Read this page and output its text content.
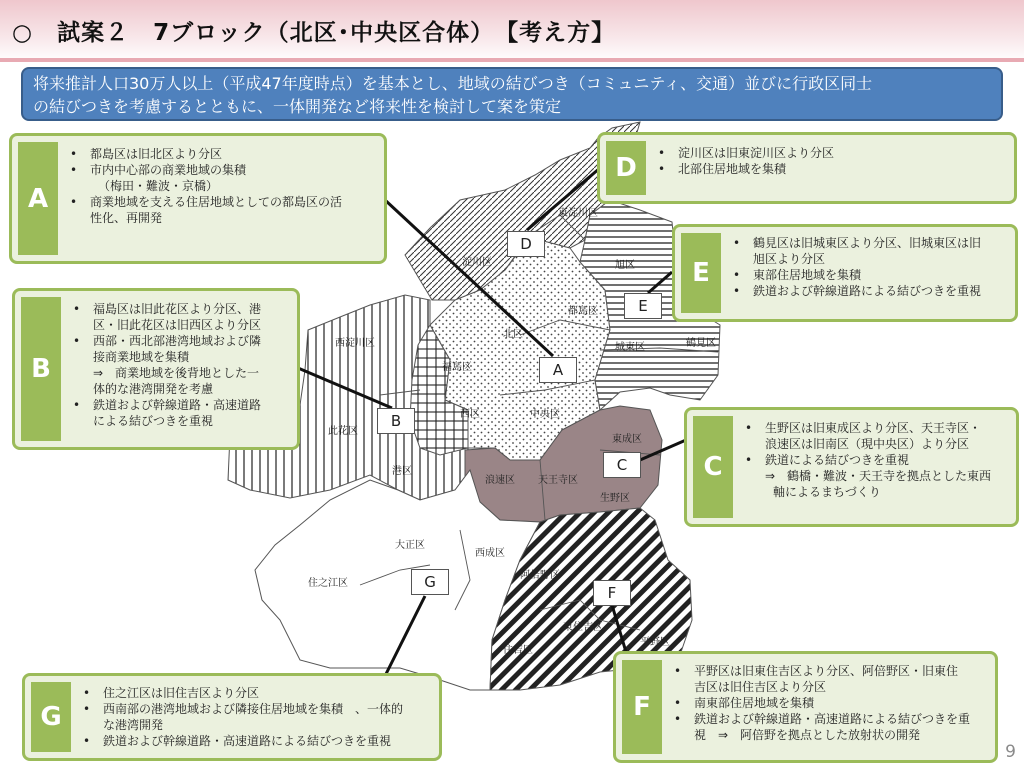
○　試案２　7ブロック（北区･中央区合体）　【考え方】
将来推計人口30万人以上（平成47年度時点）を基本とし、地域の結びつき（コミュニティ、交通）並びに行政区同士
の結びつきを考慮するとともに、一体開発など将来性を検討して案を策定
東淀川区
淀川区	旭区
都島区
北区
西淀川区
福島区
城東区	鶴見区
西区	中央区
此花区
東成区
港区
浪速区 天王寺区
生野区
大正区
西成区
阿倍野区
住之江区
東住吉区
住吉区
平野区
D
E
A
B
C
G
F
A
• 都島区は旧北区より分区
• 市内中心部の商業地域の集積
（梅田・難波・京橋）
• 商業地域を支える住居地域としての都島区の活
性化、再開発
B
• 福島区は旧此花区より分区、港
区・旧此花区は旧西区より分区
• 西部・西北部港湾地域および隣
接商業地域を集積
⇒　商業地域を後背地とした一
体的な港湾開発を考慮
• 鉄道および幹線道路・高速道路
による結びつきを重視
D
•	淀川区は旧東淀川区より分区
• 北部住居地域を集積
E
• 鶴見区は旧城東区より分区、旧城東区は旧
旭区より分区
• 東部住居地域を集積
• 鉄道および幹線道路による結びつきを重視
C
• 生野区は旧東成区より分区、天王寺区・
浪速区は旧南区（現中央区）より分区
• 鉄道による結びつきを重視
⇒　鶴橋・難波・天王寺を拠点とした東西
軸によるまちづくり
F
• 平野区は旧東住吉区より分区、阿倍野区・旧東住
吉区は旧住吉区より分区
• 南東部住居地域を集積
• 鉄道および幹線道路・高速道路による結びつきを重
視　⇒　阿倍野を拠点とした放射状の開発
G
• 住之江区は旧住吉区より分区
• 西南部の港湾地域および隣接住居地域を集積　、一体的
な港湾開発
• 鉄道および幹線道路・高速道路による結びつきを重視
9
